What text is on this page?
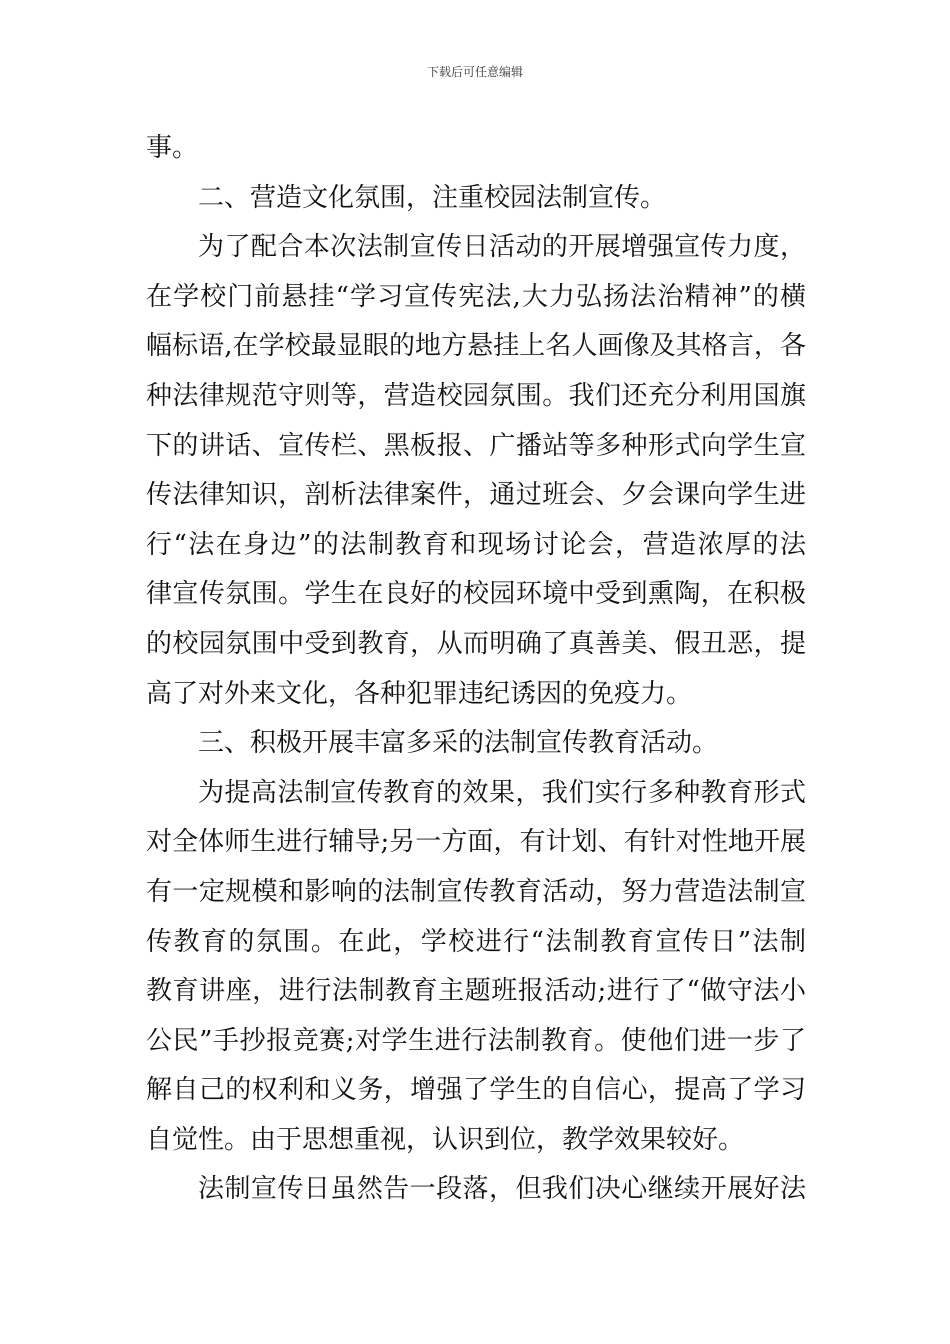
下载后可任意编辑
事。
二、营造文化氛围，注重校园法制宣传。
为了配合本次法制宣传日活动的开展增强宣传力度，
在学校门前悬挂“学习宣传宪法,大力弘扬法治精神”的横
幅标语,在学校最显眼的地方悬挂上名人画像及其格言，各
种法律规范守则等，营造校园氛围。我们还充分利用国旗
下的讲话、宣传栏、黑板报、广播站等多种形式向学生宣
传法律知识，剖析法律案件，通过班会、夕会课向学生进
行“法在身边”的法制教育和现场讨论会，营造浓厚的法
律宣传氛围。学生在良好的校园环境中受到熏陶，在积极
的校园氛围中受到教育，从而明确了真善美、假丑恶，提
高了对外来文化，各种犯罪违纪诱因的免疫力。
三、积极开展丰富多采的法制宣传教育活动。
为提高法制宣传教育的效果，我们实行多种教育形式
对全体师生进行辅导;另一方面，有计划、有针对性地开展
有一定规模和影响的法制宣传教育活动，努力营造法制宣
传教育的氛围。在此，学校进行“法制教育宣传日”法制
教育讲座，进行法制教育主题班报活动;进行了“做守法小
公民”手抄报竞赛;对学生进行法制教育。使他们进一步了
解自己的权利和义务，增强了学生的自信心，提高了学习
自觉性。由于思想重视，认识到位，教学效果较好。
法制宣传日虽然告一段落，但我们决心继续开展好法
